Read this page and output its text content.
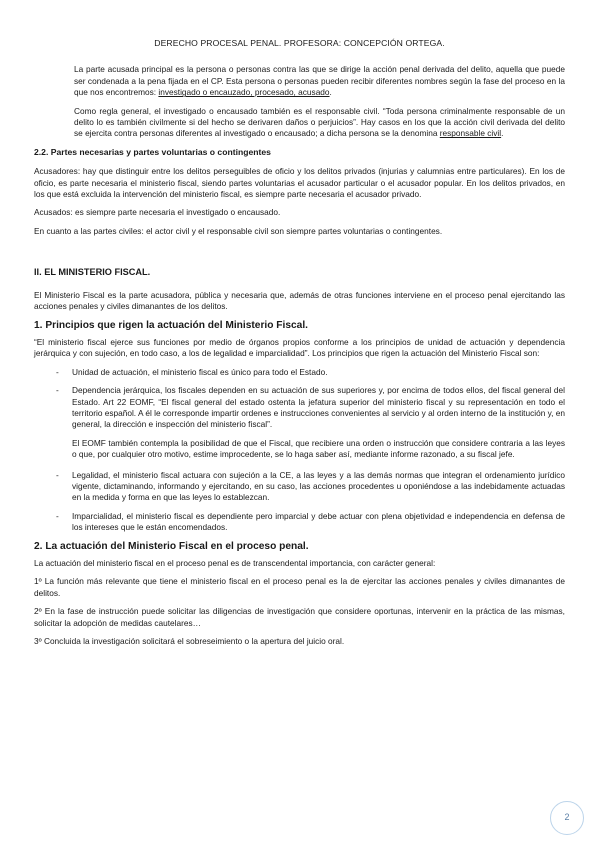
DERECHO PROCESAL PENAL. PROFESORA: CONCEPCIÓN ORTEGA.

La parte acusada principal es la persona o personas contra las que se dirige la acción penal derivada del delito, aquella que puede ser condenada a la pena fijada en el CP. Esta persona o personas pueden recibir diferentes nombres según la fase del proceso en la que nos encontremos: investigado o encauzado, procesado, acusado.

Como regla general, el investigado o encausado también es el responsable civil. “Toda persona criminalmente responsable de un delito lo es también civilmente si del hecho se derivaren daños o perjuicios”. Hay casos en los que la acción civil derivada del delito se ejercita contra personas diferentes al investigado o encausado; a dicha persona se la denomina responsable civil.

2.2. Partes necesarias y partes voluntarias o contingentes

Acusadores: hay que distinguir entre los delitos perseguibles de oficio y los delitos privados (injurias y calumnias entre particulares). En los de oficio, es parte necesaria el ministerio fiscal, siendo partes voluntarias el acusador particular o el acusador popular. En los delitos privados, en los que está excluida la intervención del ministerio fiscal, es siempre parte necesaria el acusador privado.

Acusados: es siempre parte necesaria el investigado o encausado.

En cuanto a las partes civiles: el actor civil y el responsable civil son siempre partes voluntarias o contingentes.

II. EL MINISTERIO FISCAL.

El Ministerio Fiscal es la parte acusadora, pública y necesaria que, además de otras funciones interviene en el proceso penal ejercitando las acciones penales y civiles dimanantes de los delitos.

1. Principios que rigen la actuación del Ministerio Fiscal.

“El ministerio fiscal ejerce sus funciones por medio de órganos propios conforme a los principios de unidad de actuación y dependencia jerárquica y con sujeción, en todo caso, a los de legalidad e imparcialidad”. Los principios que rigen la actuación del Ministerio Fiscal son:

- Unidad de actuación, el ministerio fiscal es único para todo el Estado.
- Dependencia jerárquica, los fiscales dependen en su actuación de sus superiores y, por encima de todos ellos, del fiscal general del Estado. Art 22 EOMF, “El fiscal general del estado ostenta la jefatura superior del ministerio fiscal y su representación en todo el territorio español. A él le corresponde impartir ordenes e instrucciones convenientes al servicio y al orden interno de la institución y, en general, la dirección e inspección del ministerio fiscal”.
El EOMF también contempla la posibilidad de que el Fiscal, que recibiere una orden o instrucción que considere contraria a las leyes o que, por cualquier otro motivo, estime improcedente, se lo haga saber así, mediante informe razonado, a su fiscal jefe.
- Legalidad, el ministerio fiscal actuara con sujeción a la CE, a las leyes y a las demás normas que integran el ordenamiento jurídico vigente, dictaminando, informando y ejercitando, en su caso, las acciones procedentes u oponiéndose a las indebidamente actuadas en la medida y forma en que las leyes lo establezcan.
- Imparcialidad, el ministerio fiscal es dependiente pero imparcial y debe actuar con plena objetividad e independencia en defensa de los intereses que le están encomendados.
2. La actuación del Ministerio Fiscal en el proceso penal.

La actuación del ministerio fiscal en el proceso penal es de transcendental importancia, con carácter general:

1º La función más relevante que tiene el ministerio fiscal en el proceso penal es la de ejercitar las acciones penales y civiles dimanantes de delitos.

2º En la fase de instrucción puede solicitar las diligencias de investigación que considere oportunas, intervenir en la práctica de las mismas, solicitar la adopción de medidas cautelares…

3º Concluida la investigación solicitará el sobreseimiento o la apertura del juicio oral.

2
